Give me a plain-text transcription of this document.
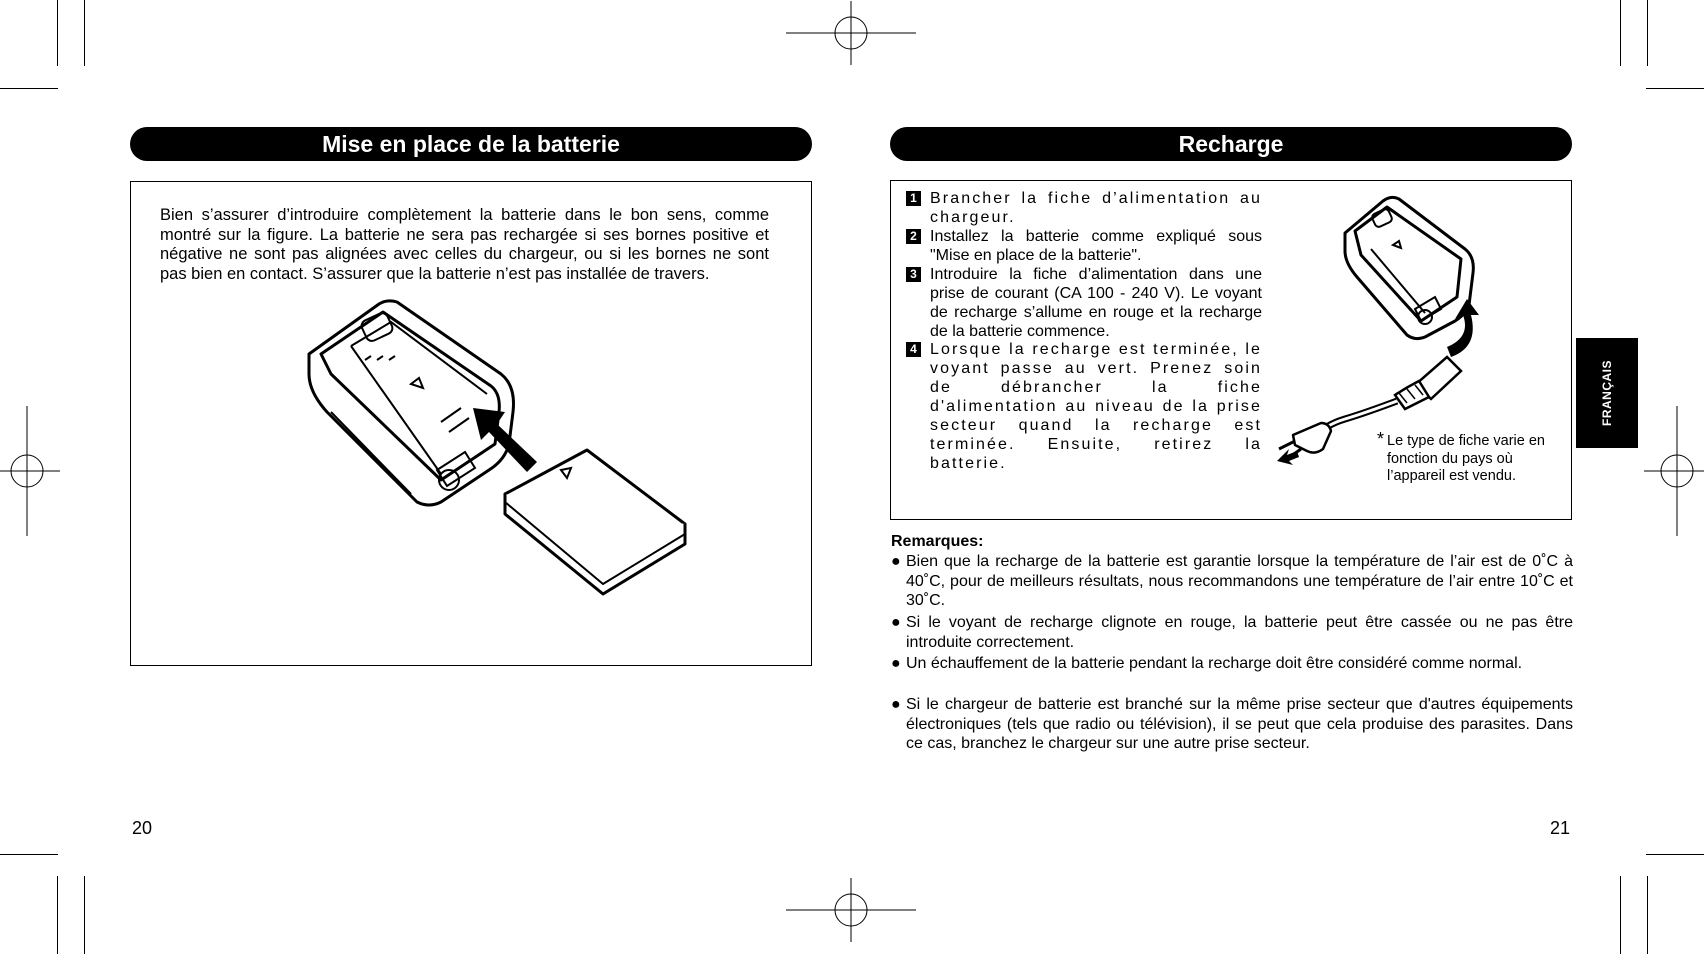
Mise en place de la batterie
Bien s’assurer d’introduire complètement la batterie dans le bon sens, comme montré sur la figure. La batterie ne sera pas rechargée si ses bornes positive et négative ne sont pas alignées avec celles du chargeur, ou si les bornes ne sont pas bien en contact. S’assurer que la batterie n’est pas installée de travers.
20
Recharge
1 Brancher la fiche d’alimentation au chargeur.
2 Installez la batterie comme expliqué sous "Mise en place de la batterie".
3 Introduire la fiche d’alimentation dans une prise de courant (CA 100 - 240 V). Le voyant de recharge s’allume en rouge et la recharge de la batterie commence.
4 Lorsque la recharge est terminée, le voyant passe au vert. Prenez soin de débrancher la fiche d'alimentation au niveau de la prise secteur quand la recharge est terminée. Ensuite, retirez la batterie.
* Le type de fiche varie en fonction du pays où l’appareil est vendu.
Remarques:
● Bien que la recharge de la batterie est garantie lorsque la température de l’air est de 0˚C à 40˚C, pour de meilleurs résultats, nous recommandons une température de l’air entre 10˚C et 30˚C.
● Si le voyant de recharge clignote en rouge, la batterie peut être cassée ou ne pas être introduite correctement.
● Un échauffement de la batterie pendant la recharge doit être considéré comme normal.
● Si le chargeur de batterie est branché sur la même prise secteur que d'autres équipements électroniques (tels que radio ou télévision), il se peut que cela produise des parasites. Dans ce cas, branchez le chargeur sur une autre prise secteur.
21
FRANÇAIS
